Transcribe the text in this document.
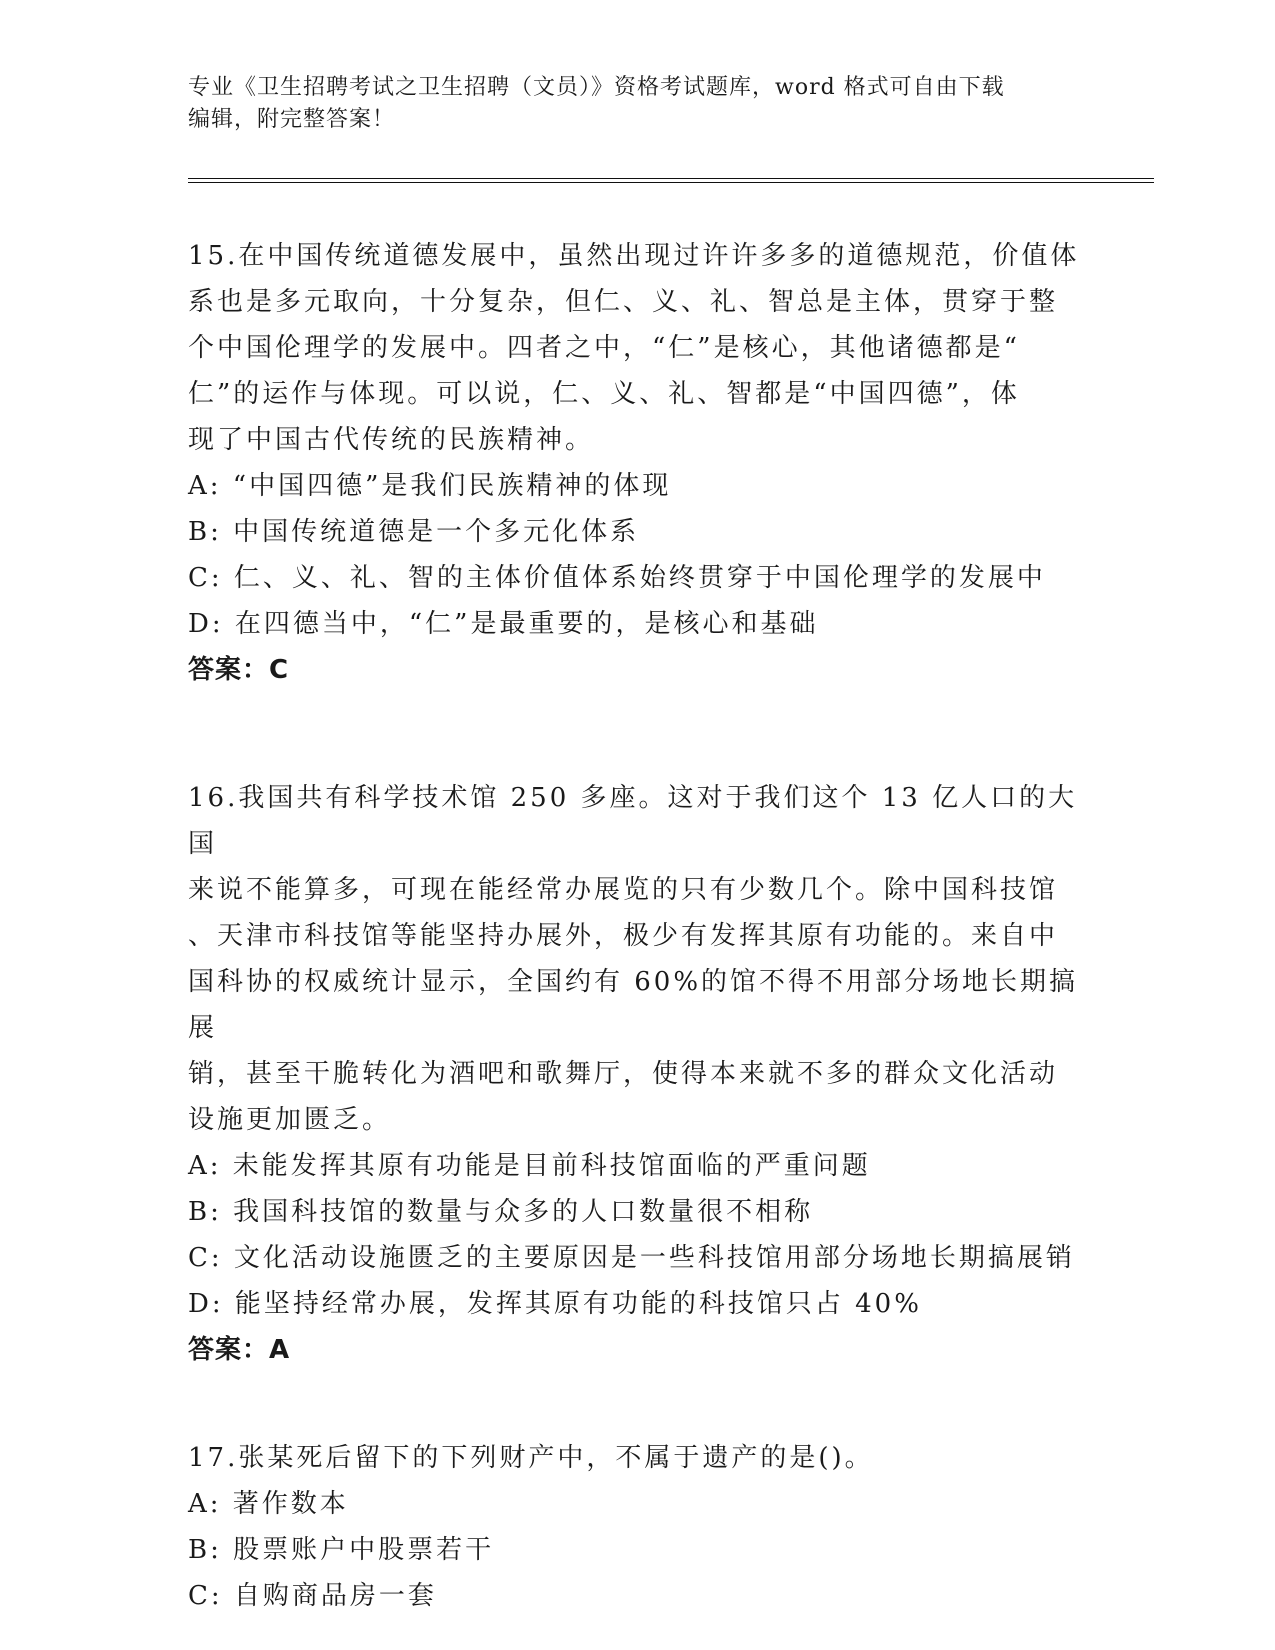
专业《卫生招聘考试之卫生招聘（文员）》资格考试题库，word 格式可自由下载
编辑，附完整答案！

15.在中国传统道德发展中，虽然出现过许许多多的道德规范，价值体

系也是多元取向，十分复杂，但仁、义、礼、智总是主体，贯穿于整

个中国伦理学的发展中。四者之中，“仁”是核心，其他诸德都是“

仁”的运作与体现。可以说，仁、义、礼、智都是“中国四德”，体

现了中国古代传统的民族精神。

A: “中国四德”是我们民族精神的体现

B: 中国传统道德是一个多元化体系

C: 仁、义、礼、智的主体价值体系始终贯穿于中国伦理学的发展中

D: 在四德当中，“仁”是最重要的，是核心和基础

答案：C

16.我国共有科学技术馆 250 多座。这对于我们这个 13 亿人口的大国

来说不能算多，可现在能经常办展览的只有少数几个。除中国科技馆

、天津市科技馆等能坚持办展外，极少有发挥其原有功能的。来自中

国科协的权威统计显示，全国约有 60%的馆不得不用部分场地长期搞展

销，甚至干脆转化为酒吧和歌舞厅，使得本来就不多的群众文化活动

设施更加匮乏。

A: 未能发挥其原有功能是目前科技馆面临的严重问题

B: 我国科技馆的数量与众多的人口数量很不相称

C: 文化活动设施匮乏的主要原因是一些科技馆用部分场地长期搞展销

D: 能坚持经常办展，发挥其原有功能的科技馆只占 40%

答案：A

17.张某死后留下的下列财产中，不属于遗产的是()。

A: 著作数本

B: 股票账户中股票若干

C: 自购商品房一套
